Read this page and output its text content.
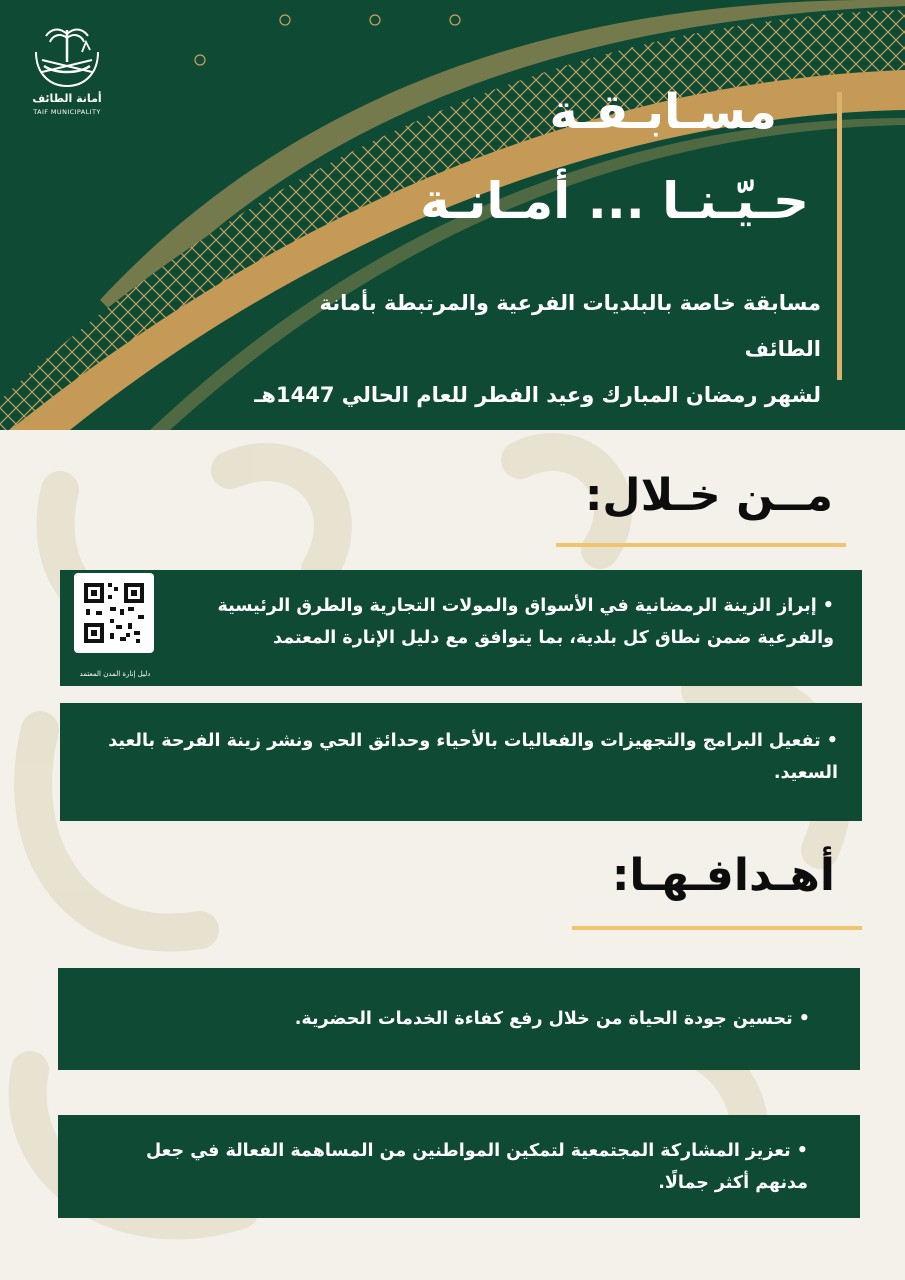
أمانة الطائف
TAIF MUNICIPALITY	مسـابـقـة
حـيّـنـا ... أمـانـة
مسابقة خاصة بالبلديات الفرعية والمرتبطة بأمانة الطائف
لشهر رمضان المبارك وعيد الفطر للعام الحالي 1447هـ
مــن خـلال:
• إبراز الزينة الرمضانية في الأسواق والمولات التجارية والطرق الرئيسية والفرعية ضمن نطاق كل بلدية، بما يتوافق مع دليل الإنارة المعتمد
دليل إنارة المدن المعتمد
• تفعيل البرامج والتجهيزات والفعاليات بالأحياء وحدائق الحي ونشر زينة الفرحة بالعيد السعيد.
أهـدافـهـا:
• تحسين جودة الحياة من خلال رفع كفاءة الخدمات الحضرية.
• تعزيز المشاركة المجتمعية لتمكين المواطنين من المساهمة الفعالة في جعل مدنهم أكثر جمالًا.
